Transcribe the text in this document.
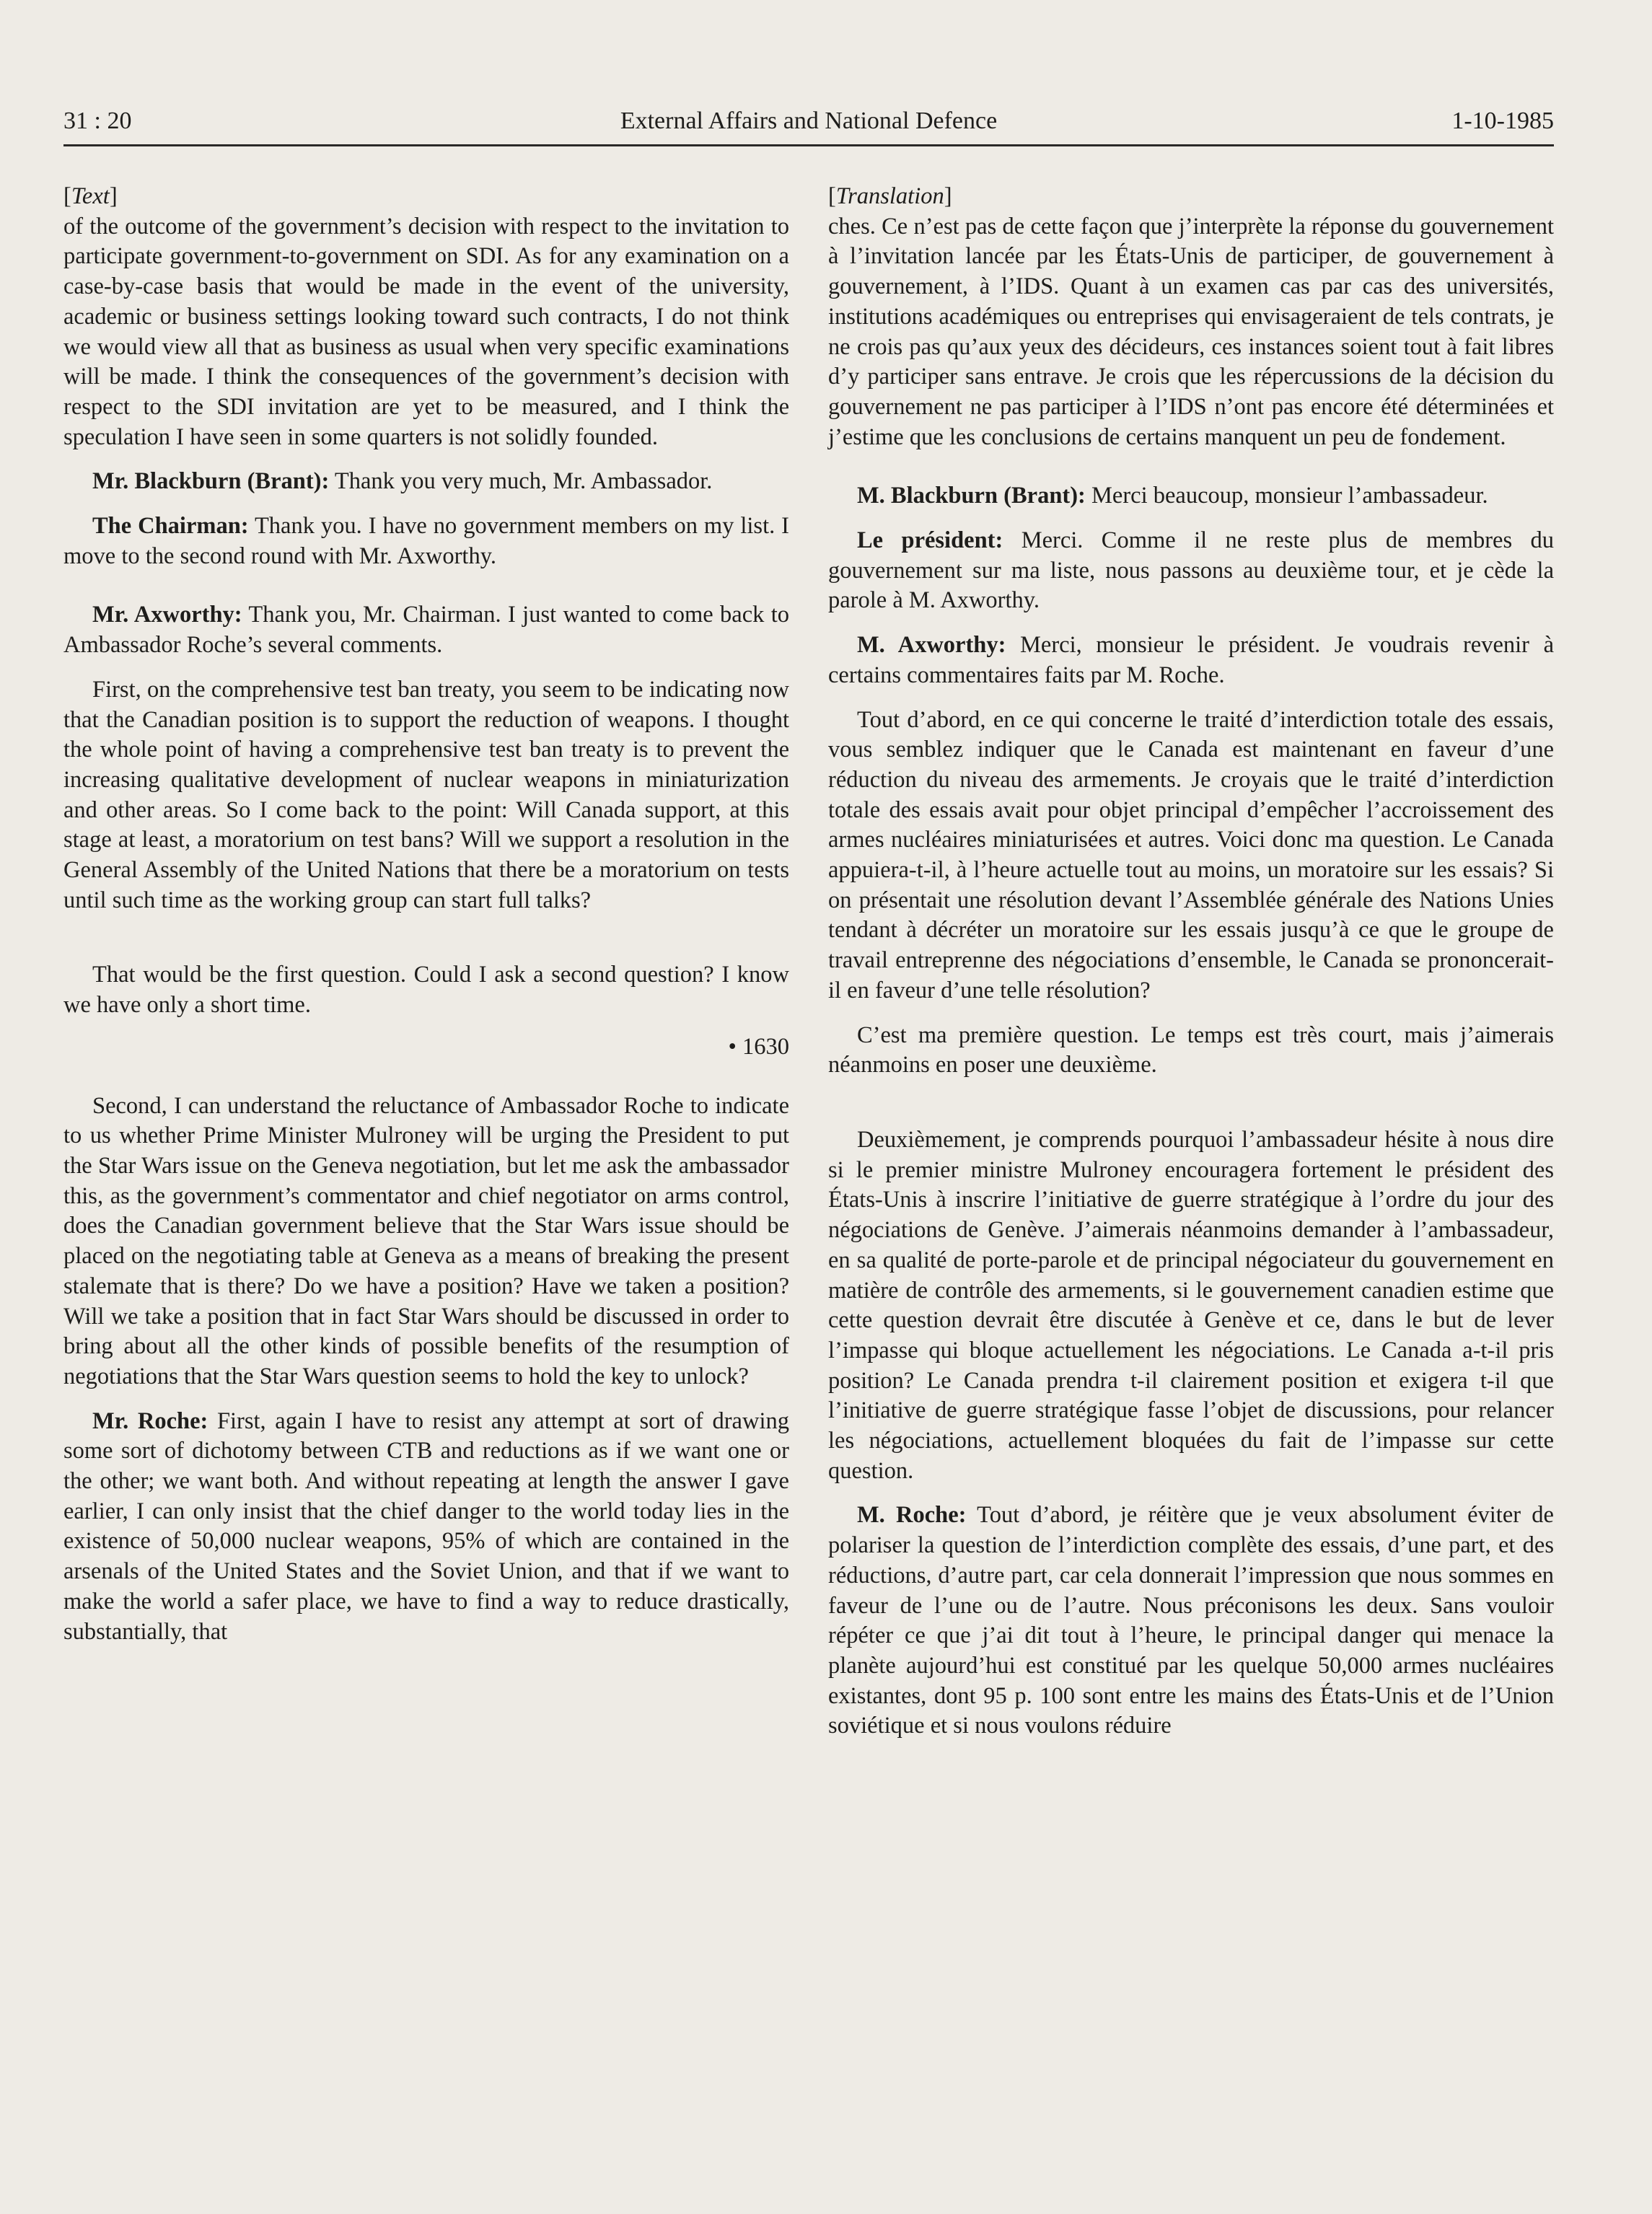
31 : 20	External Affairs and National Defence	1-10-1985

[Text]

of the outcome of the government’s decision with respect to the invitation to participate government-to-government on SDI. As for any examination on a case-by-case basis that would be made in the event of the university, academic or business settings looking toward such contracts, I do not think we would view all that as business as usual when very specific examinations will be made. I think the consequences of the government’s decision with respect to the SDI invitation are yet to be measured, and I think the speculation I have seen in some quarters is not solidly founded.

Mr. Blackburn (Brant): Thank you very much, Mr. Ambassador.

The Chairman: Thank you. I have no government members on my list. I move to the second round with Mr. Axworthy.

Mr. Axworthy: Thank you, Mr. Chairman. I just wanted to come back to Ambassador Roche’s several comments.

First, on the comprehensive test ban treaty, you seem to be indicating now that the Canadian position is to support the reduction of weapons. I thought the whole point of having a comprehensive test ban treaty is to prevent the increasing qualitative development of nuclear weapons in miniaturization and other areas. So I come back to the point: Will Canada support, at this stage at least, a moratorium on test bans? Will we support a resolution in the General Assembly of the United Nations that there be a moratorium on tests until such time as the working group can start full talks?

That would be the first question. Could I ask a second question? I know we have only a short time.

• 1630

Second, I can understand the reluctance of Ambassador Roche to indicate to us whether Prime Minister Mulroney will be urging the President to put the Star Wars issue on the Geneva negotiation, but let me ask the ambassador this, as the government’s commentator and chief negotiator on arms control, does the Canadian government believe that the Star Wars issue should be placed on the negotiating table at Geneva as a means of breaking the present stalemate that is there? Do we have a position? Have we taken a position? Will we take a position that in fact Star Wars should be discussed in order to bring about all the other kinds of possible benefits of the resumption of negotiations that the Star Wars question seems to hold the key to unlock?

Mr. Roche: First, again I have to resist any attempt at sort of drawing some sort of dichotomy between CTB and reductions as if we want one or the other; we want both. And without repeating at length the answer I gave earlier, I can only insist that the chief danger to the world today lies in the existence of 50,000 nuclear weapons, 95% of which are contained in the arsenals of the United States and the Soviet Union, and that if we want to make the world a safer place, we have to find a way to reduce drastically, substantially, that

[Translation]

ches. Ce n’est pas de cette façon que j’interprète la réponse du gouvernement à l’invitation lancée par les États-Unis de participer, de gouvernement à gouvernement, à l’IDS. Quant à un examen cas par cas des universités, institutions académiques ou entreprises qui envisageraient de tels contrats, je ne crois pas qu’aux yeux des décideurs, ces instances soient tout à fait libres d’y participer sans entrave. Je crois que les répercussions de la décision du gouvernement ne pas participer à l’IDS n’ont pas encore été déterminées et j’estime que les conclusions de certains manquent un peu de fondement.

M. Blackburn (Brant): Merci beaucoup, monsieur l’ambassadeur.

Le président: Merci. Comme il ne reste plus de membres du gouvernement sur ma liste, nous passons au deuxième tour, et je cède la parole à M. Axworthy.

M. Axworthy: Merci, monsieur le président. Je voudrais revenir à certains commentaires faits par M. Roche.

Tout d’abord, en ce qui concerne le traité d’interdiction totale des essais, vous semblez indiquer que le Canada est maintenant en faveur d’une réduction du niveau des armements. Je croyais que le traité d’interdiction totale des essais avait pour objet principal d’empêcher l’accroissement des armes nucléaires miniaturisées et autres. Voici donc ma question. Le Canada appuiera-t-il, à l’heure actuelle tout au moins, un moratoire sur les essais? Si on présentait une résolution devant l’Assemblée générale des Nations Unies tendant à décréter un moratoire sur les essais jusqu’à ce que le groupe de travail entreprenne des négociations d’ensemble, le Canada se prononcerait-il en faveur d’une telle résolution?

C’est ma première question. Le temps est très court, mais j’aimerais néanmoins en poser une deuxième.

Deuxièmement, je comprends pourquoi l’ambassadeur hésite à nous dire si le premier ministre Mulroney encouragera fortement le président des États-Unis à inscrire l’initiative de guerre stratégique à l’ordre du jour des négociations de Genève. J’aimerais néanmoins demander à l’ambassadeur, en sa qualité de porte-parole et de principal négociateur du gouvernement en matière de contrôle des armements, si le gouvernement canadien estime que cette question devrait être discutée à Genève et ce, dans le but de lever l’impasse qui bloque actuellement les négociations. Le Canada a-t-il pris position? Le Canada prendra t-il clairement position et exigera t-il que l’initiative de guerre stratégique fasse l’objet de discussions, pour relancer les négociations, actuellement bloquées du fait de l’impasse sur cette question.

M. Roche: Tout d’abord, je réitère que je veux absolument éviter de polariser la question de l’interdiction complète des essais, d’une part, et des réductions, d’autre part, car cela donnerait l’impression que nous sommes en faveur de l’une ou de l’autre. Nous préconisons les deux. Sans vouloir répéter ce que j’ai dit tout à l’heure, le principal danger qui menace la planète aujourd’hui est constitué par les quelque 50,000 armes nucléaires existantes, dont 95 p. 100 sont entre les mains des États-Unis et de l’Union soviétique et si nous voulons réduire
